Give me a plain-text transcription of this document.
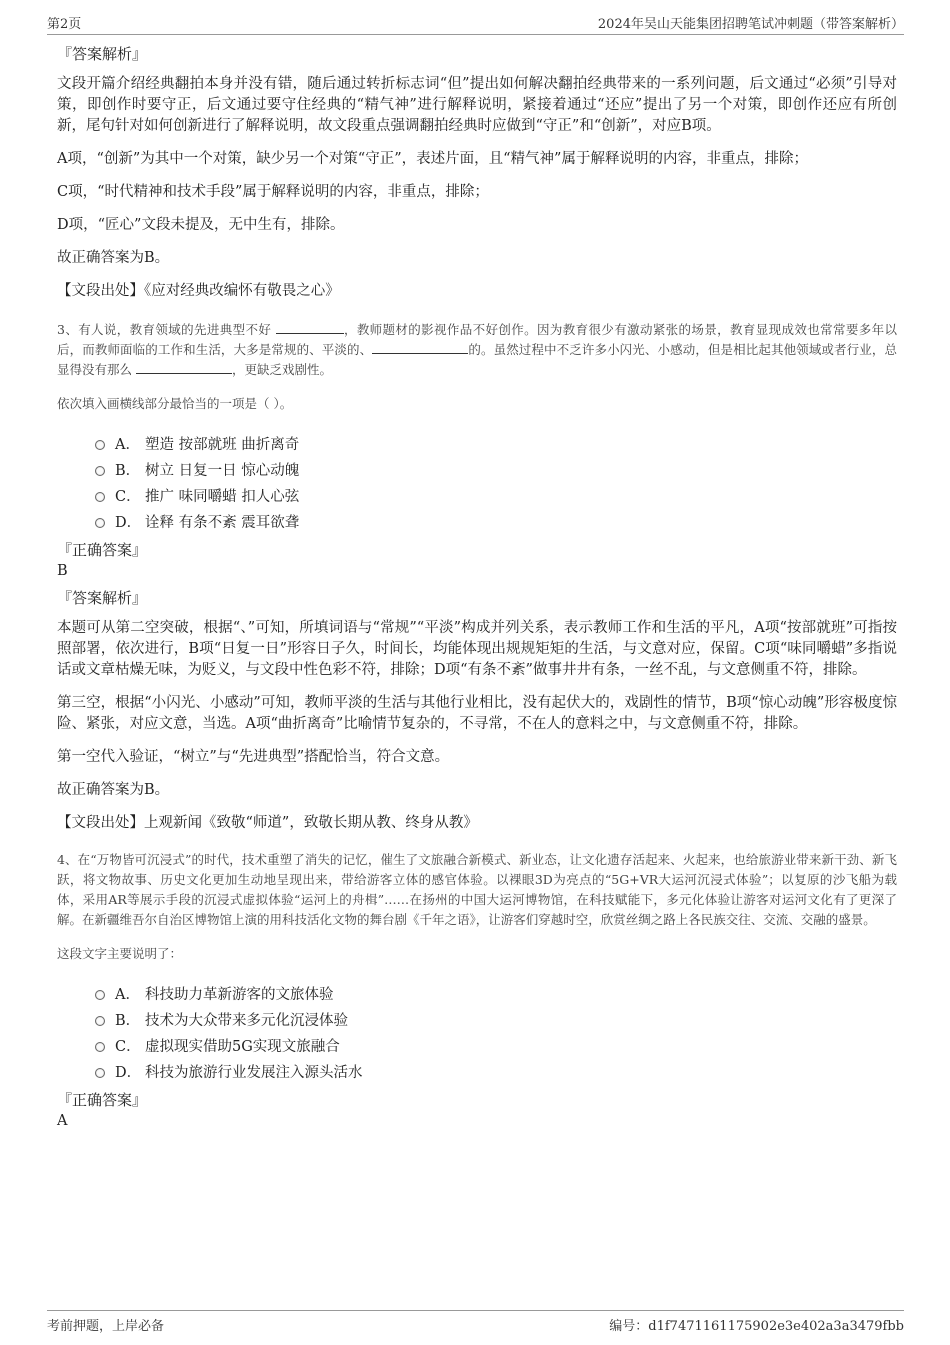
第2页	2024年吴山天能集团招聘笔试冲刺题（带答案解析）
『答案解析』

文段开篇介绍经典翻拍本身并没有错，随后通过转折标志词“但”提出如何解决翻拍经典带来的一系列问题，后文通过“必须”引导对策，即创作时要守正，后文通过要守住经典的“精气神”进行解释说明，紧接着通过“还应”提出了另一个对策，即创作还应有所创新，尾句针对如何创新进行了解释说明，故文段重点强调翻拍经典时应做到“守正”和“创新”，对应B项。

A项，“创新”为其中一个对策，缺少另一个对策“守正”，表述片面，且“精气神”属于解释说明的内容，非重点，排除；

C项，“时代精神和技术手段”属于解释说明的内容，非重点，排除；

D项，“匠心”文段未提及，无中生有，排除。

故正确答案为B。

【文段出处】《应对经典改编怀有敬畏之心》

3、有人说，教育领域的先进典型不好	，教师题材的影视作品不好创作。因为教育很少有激动紧张的场景，教育显现成效也常常要多年以后，而教师面临的工作和生活，大多是常规的、平淡的、	的。虽然过程中不乏许多小闪光、小感动，但是相比起其他领域或者行业，总显得没有那么	，更缺乏戏剧性。

依次填入画横线部分最恰当的一项是（ ）。

A． 塑造 按部就班 曲折离奇
B． 树立 日复一日 惊心动魄
C． 推广 味同嚼蜡 扣人心弦
D． 诠释 有条不紊 震耳欲聋
『正确答案』
B
『答案解析』

本题可从第二空突破，根据“、”可知，所填词语与“常规”“平淡”构成并列关系，表示教师工作和生活的平凡，A项“按部就班”可指按照部署，依次进行，B项“日复一日”形容日子久，时间长，均能体现出规规矩矩的生活，与文意对应，保留。C项“味同嚼蜡”多指说话或文章枯燥无味，为贬义，与文段中性色彩不符，排除；D项“有条不紊”做事井井有条，一丝不乱，与文意侧重不符，排除。

第三空，根据“小闪光、小感动”可知，教师平淡的生活与其他行业相比，没有起伏大的，戏剧性的情节，B项“惊心动魄”形容极度惊险、紧张，对应文意，当选。A项“曲折离奇”比喻情节复杂的，不寻常，不在人的意料之中，与文意侧重不符，排除。

第一空代入验证，“树立”与“先进典型”搭配恰当，符合文意。

故正确答案为B。

【文段出处】上观新闻《致敬“师道”，致敬长期从教、终身从教》

4、在“万物皆可沉浸式”的时代，技术重塑了消失的记忆，催生了文旅融合新模式、新业态，让文化遗存活起来、火起来，也给旅游业带来新干劲、新飞跃，将文物故事、历史文化更加生动地呈现出来，带给游客立体的感官体验。以裸眼3D为亮点的“5G+VR大运河沉浸式体验”；以复原的沙飞船为载体，采用AR等展示手段的沉浸式虚拟体验“运河上的舟楫”……在扬州的中国大运河博物馆，在科技赋能下，多元化体验让游客对运河文化有了更深了解。在新疆维吾尔自治区博物馆上演的用科技活化文物的舞台剧《千年之语》，让游客们穿越时空，欣赏丝绸之路上各民族交往、交流、交融的盛景。

这段文字主要说明了：

A． 科技助力革新游客的文旅体验
B． 技术为大众带来多元化沉浸体验
C． 虚拟现实借助5G实现文旅融合
D． 科技为旅游行业发展注入源头活水
『正确答案』
A
考前押题，上岸必备	编号：d1f7471161175902e3e402a3a3479fbb
